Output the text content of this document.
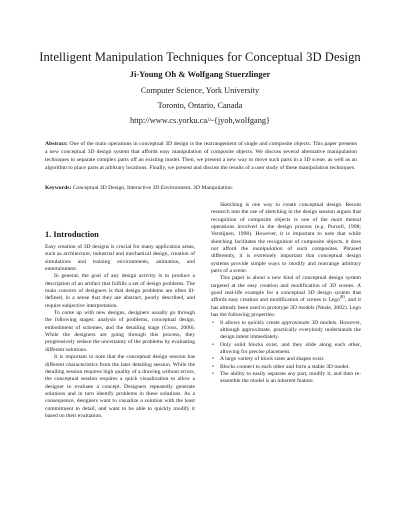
Intelligent Manipulation Techniques for Conceptual 3D Design
Ji-Young Oh & Wolfgang Stuerzlinger
Computer Science, York University
Toronto, Ontario, Canada
http://www.cs.yorku.ca/~{jyoh,wolfgang}
Abstract: One of the main operations in conceptual 3D design is the rearrangement of single and composite objects. This paper presents a new conceptual 3D design system that affords easy manipulation of composite objects. We discuss several alternative manipulation techniques to separate complex parts off an existing model. Then, we present a new way to move such parts in a 3D scene, as well as an algorithm to place parts at arbitrary locations. Finally, we present and discuss the results of a user study of these manipulation techniques.
Keywords: Conceptual 3D Design, Interactive 3D Environment, 3D Manipulation.
1. Introduction

Easy creation of 3D designs is crucial for many application areas, such as architecture, industrial and mechanical design, creation of simulations and training environments, animation, and entertainment.

In general, the goal of any design activity is to produce a description of an artifact that fulfills a set of design problems. The main concern of designers is that design problems are often ill-defined, in a sense that they are abstract, poorly described, and require subjective interpretation.

To come up with new designs, designers usually go through the following stages: analysis of problems, conceptual design, embodiment of schemes, and the detailing stage (Cross, 2000). While the designers are going through this process, they progressively reduce the uncertainty of the problems by evaluating different solutions.

It is important to note that the conceptual design session has different characteristics from the later detailing session. While the detailing session requires high quality of a drawing without errors, the conceptual session requires a quick visualization to allow a designer to evaluate a concept. Designers repeatedly generate solutions and in turn identify problems in these solutions. As a consequence, designers want to visualize a solution with the least commitment to detail, and want to be able to quickly modify it based on their evaluation.

Sketching is one way to create conceptual design. Recent research into the use of sketching in the design session argues that recognition of composite objects is one of the main mental operations involved in the design process (e.g. Purcell, 1998; Verstijnen, 1998). However, it is important to note that while sketching facilitates the recognition of composite objects, it does not afford the manipulation of such composites. Phrased differently, it is extremely important that conceptual design systems provide simple ways to modify and rearrange arbitrary parts of a scene.

This paper is about a new kind of conceptual design system targeted at the easy creation and modification of 3D scenes. A good real-life example for a conceptual 3D design system that affords easy creation and modification of scenes is Lego$^{(R)}$, and it has already been used to prototype 3D models (Neale, 2002). Lego has the following properties:

• It allows to quickly create approximate 3D models. However, although approximate, practically everybody understands the design intent immediately.
• Only solid blocks exist, and they slide along each other, allowing for precise placement.
• A large variety of block sizes and shapes exist.
• Blocks connect to each other and form a stable 3D model.
• The ability to easily separate any part, modify it, and then re-assemble the model is an inherent feature.
